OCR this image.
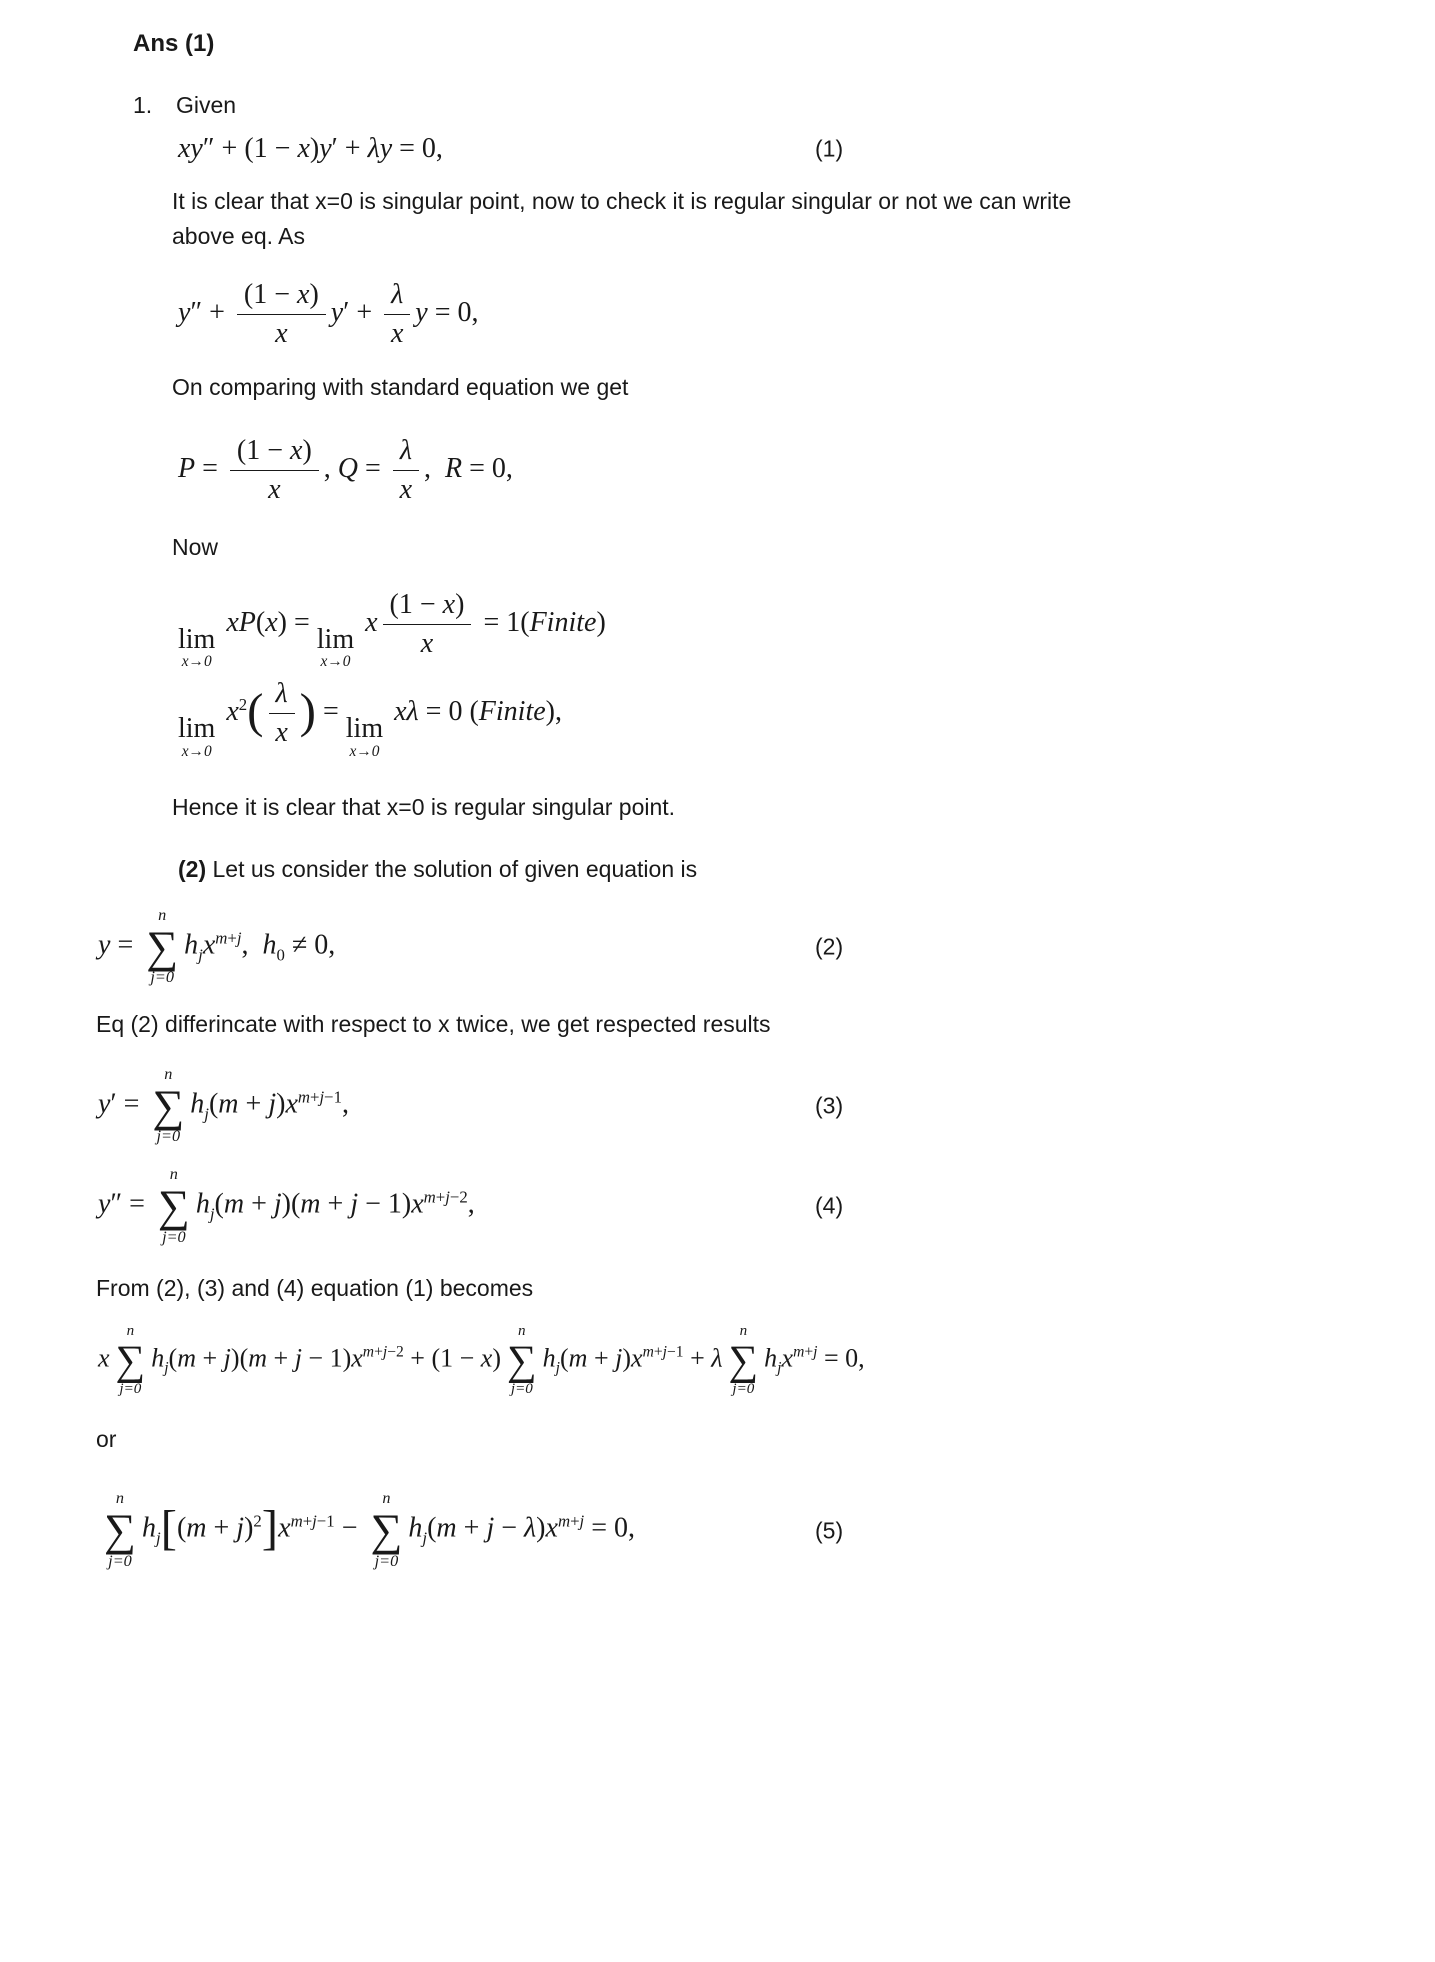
Ans (1)
1. Given
xy″ + (1 − x)y′ + λy = 0,	(1)

It is clear that x=0 is singular point, now to check it is regular singular or not we can write above eq. As

$y'' + \frac{(1 - x)}{x} y' + \frac{\lambda}{x}$ y = 0,

On comparing with standard equation we get

$P = \frac{(1 - x)}{x}$ , $Q = \frac{\lambda}{x}$ ,  R = 0,

Now

lim
x→0
xP(x) =
lim
x→0
x $\frac{(1 - x)}{x}$ = 1(Finite)
lim
x→0
$x^2( \frac{\lambda}{x}$ ) =
lim
x→0
xλ = 0 (Finite),

Hence it is clear that x=0 is regular singular point.

(2) Let us consider the solution of given equation is

y =
n
∑
j=0
$h_jx^{m+j}$,  $h_0 \ne 0$,	(2)

Eq (2) differincate with respect to x twice, we get respected results

y′ =
n
∑
j=0
$h_j(m + j)x^{m+j-1}$,	(3)
y″ =
n
∑
j=0
$h_j(m + j)(m + j - 1)x^{m+j-2}$,	(4)

From (2), (3) and (4) equation (1) becomes

x
n
∑
j=0
$h_j(m + j)(m + j - 1)x^{m+j-2} + (1 - x)$
n
∑
j=0
$h_j(m + j)x^{m+j-1} + \lambda$
n
∑
j=0
$h_jx^{m+j} = 0$,

or

n
∑
j=0
$h_j[(m + j)^2]x^{m+j-1}$ −
n
∑
j=0
$h_j(m + j - \lambda)x^{m+j} = 0$,	(5)
